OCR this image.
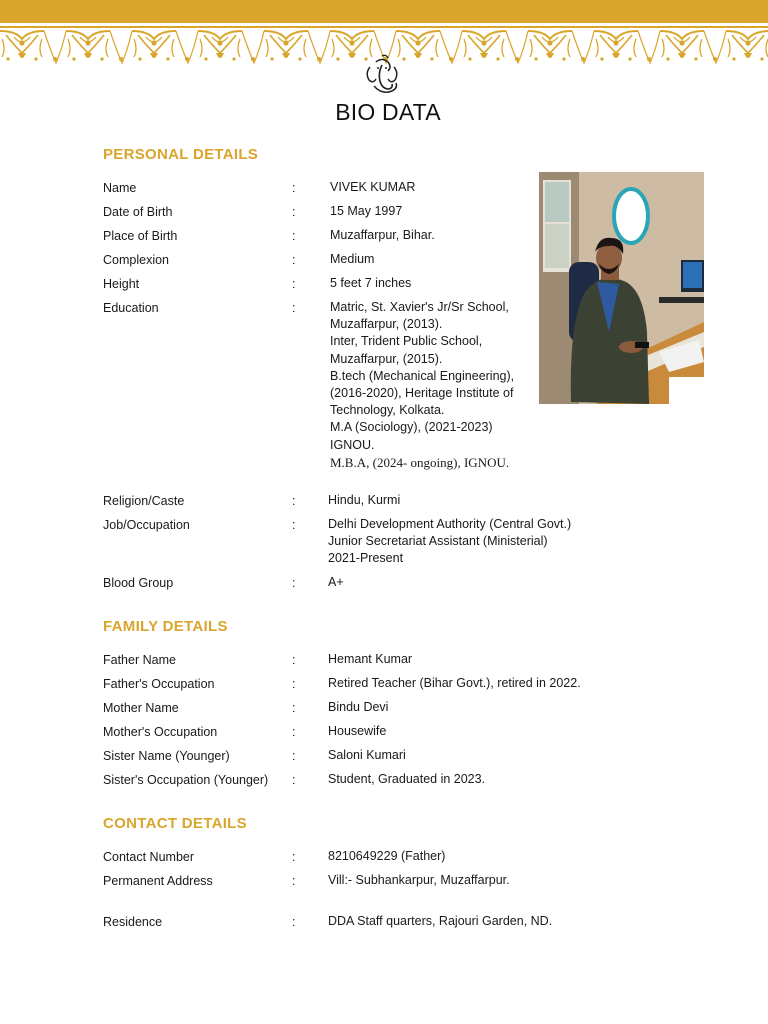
BIO DATA
PERSONAL DETAILS
Name	:	VIVEK KUMAR
Date of Birth	:	15 May 1997
Place of Birth	:	Muzaffarpur, Bihar.
Complexion	:	Medium
Height	:	5 feet 7 inches
Education	:	Matric, St. Xavier's Jr/Sr School,
Muzaffarpur, (2013).
Inter, Trident Public School,
Muzaffarpur, (2015).
B.tech (Mechanical Engineering),
(2016-2020), Heritage Institute of
Technology, Kolkata.
M.A (Sociology), (2021-2023)
IGNOU.
M.B.A, (2024- ongoing), IGNOU.
Religion/Caste	:	Hindu, Kurmi
Job/Occupation	:	Delhi Development Authority (Central Govt.)
Junior Secretariat Assistant (Ministerial)
2021-Present
Blood Group	:	A+
FAMILY DETAILS
Father Name	:	Hemant Kumar
Father's Occupation	:	Retired Teacher (Bihar Govt.), retired in 2022.
Mother Name	:	Bindu Devi
Mother's Occupation	:	Housewife
Sister Name (Younger)	:	Saloni Kumari
Sister's Occupation (Younger) :	Student, Graduated in 2023.
CONTACT DETAILS
Contact Number	:	8210649229 (Father)
Permanent Address	:	Vill:- Subhankarpur, Muzaffarpur.
Residence	:	DDA Staff quarters, Rajouri Garden, ND.
